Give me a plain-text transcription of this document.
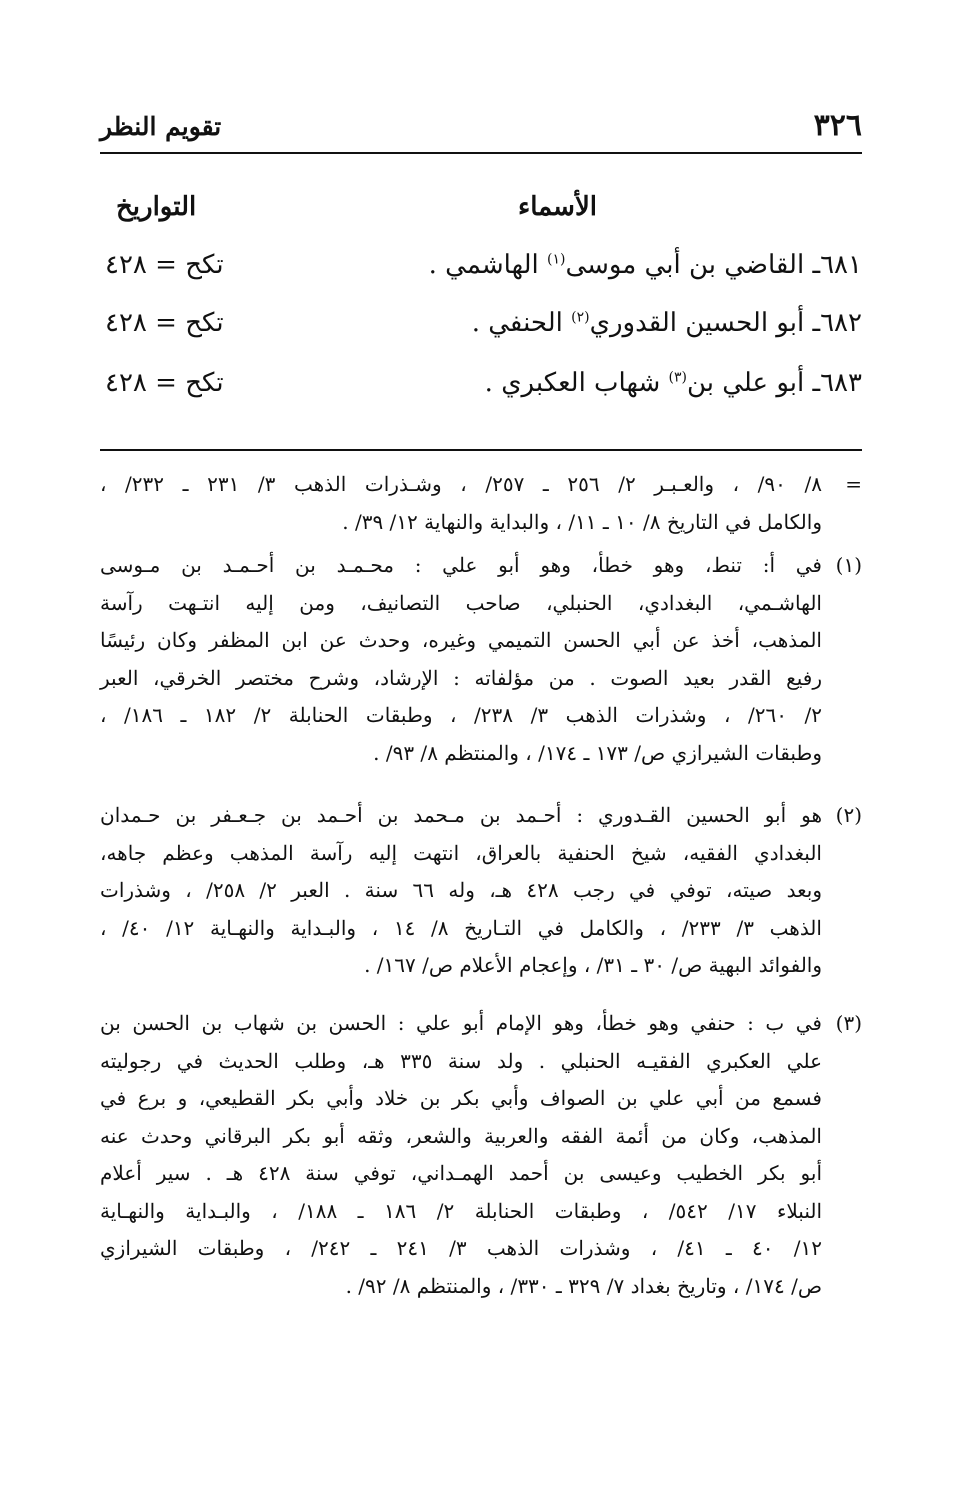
تقويم النظر	٣٢٦
التواريخ	الأسماء
تكح = ٤٢٨	٦٨١ـ القاضي بن أبي موسى$^{(١)}$ الهاشمي .
تكح = ٤٢٨	٦٨٢ـ أبو الحسين القدوري$^{(٢)}$ الحنفي .
تكح = ٤٢٨	٦٨٣ـ أبو علي بن$^{(٣)}$ شهاب العكبري .
=
٨/ ٩٠/ ، والعـبـر ٢/ ٢٥٦ ـ ٢٥٧/ ، وشـذرات الذهب ٣/ ٢٣١ ـ ٢٣٢/ ،
والكامل في التاريخ ٨/ ١٠ ـ ١١/ ، والبداية والنهاية ١٢/ ٣٩/ .
(١)
في أ: تنط، وهو خطأ، وهو أبو علي : محـمـد بن أحـمـد بن مـوسى
الهاشـمي، البغدادي، الحنبلي، صاحب التصانيف، ومن إليه انتـهت رآسة
المذهب، أخذ عن أبي الحسن التميمي وغيره، وحدث عن ابن المظفر وكان رئيسًا
رفيع القدر بعيد الصوت . من مؤلفاته : الإرشاد، وشرح مختصر الخرقي، العبر
٢/ ٢٦٠/ ، وشذرات الذهب ٣/ ٢٣٨/ ، وطبقات الحنابلة ٢/ ١٨٢ ـ ١٨٦/ ،
وطبقات الشيرازي ص/ ١٧٣ ـ ١٧٤/ ، والمنتظم ٨/ ٩٣/ .
(٢)
هو أبو الحسين القـدوري : أحـمد بن مـحمد بن أحـمد بن جـعـفر بن حـمدان
البغدادي الفقيه، شيخ الحنفية بالعراق، انتهت إليه رآسة المذهب وعظم جاهه،
وبعد صيته، توفي في رجب ٤٢٨ هـ، وله ٦٦ سنة . العبر ٢/ ٢٥٨/ ، وشذرات
الذهب ٣/ ٢٣٣/ ، والكامل في التـاريخ ٨/ ١٤ ، والبـداية والنهـاية ١٢/ ٤٠/ ،
والفوائد البهية ص/ ٣٠ ـ ٣١/ ، وإعجام الأعلام ص/ ١٦٧/ .
(٣)
في ب : حنفي وهو خطأ، وهو الإمام أبو علي : الحسن بن شهاب بن الحسن بن
علي العكبري الفقيـه الحنبلي . ولد سنة ٣٣٥ هـ، وطلب الحديث في رجوليته
فسمع من أبي علي بن الصواف وأبي بكر بن خلاد وأبي بكر القطيعي، و برع في
المذهب، وكان من أئمة الفقه والعربية والشعر، وثقه أبو بكر البرقاني وحدث عنه
أبو بكر الخطيب وعيسى بن أحمد الهمـداني، توفي سنة ٤٢٨ هـ . سير أعلام
النبلاء ١٧/ ٥٤٢/ ، وطبقات الحنابلة ٢/ ١٨٦ ـ ١٨٨/ ، والبـداية والنهـاية
١٢/ ٤٠ ـ ٤١/ ، وشذرات الذهب ٣/ ٢٤١ ـ ٢٤٢/ ، وطبقات الشيرازي
ص/ ١٧٤/ ، وتاريخ بغداد ٧/ ٣٢٩ ـ ٣٣٠/ ، والمنتظم ٨/ ٩٢/ .
